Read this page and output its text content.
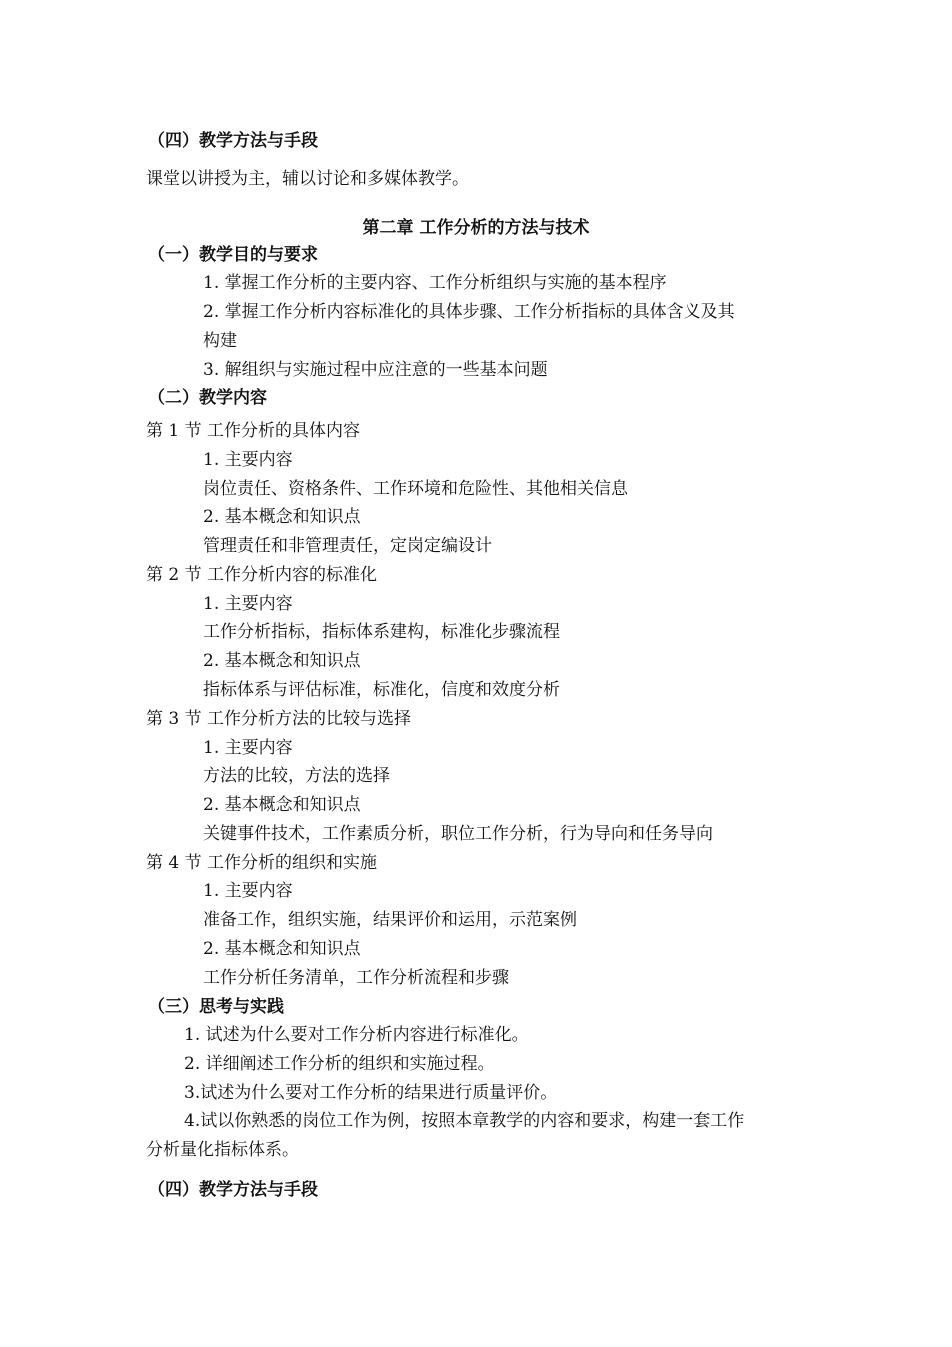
（四）教学方法与手段
课堂以讲授为主，辅以讨论和多媒体教学。
第二章 工作分析的方法与技术
（一）教学目的与要求
1. 掌握工作分析的主要内容、工作分析组织与实施的基本程序
2. 掌握工作分析内容标准化的具体步骤、工作分析指标的具体含义及其
构建
3. 解组织与实施过程中应注意的一些基本问题
（二）教学内容
第 1 节 工作分析的具体内容
1. 主要内容
岗位责任、资格条件、工作环境和危险性、其他相关信息
2. 基本概念和知识点
管理责任和非管理责任，定岗定编设计
第 2 节 工作分析内容的标准化
1. 主要内容
工作分析指标，指标体系建构，标准化步骤流程
2. 基本概念和知识点
指标体系与评估标准，标准化，信度和效度分析
第 3 节 工作分析方法的比较与选择
1. 主要内容
方法的比较，方法的选择
2. 基本概念和知识点
关键事件技术，工作素质分析，职位工作分析，行为导向和任务导向
第 4 节 工作分析的组织和实施
1. 主要内容
准备工作，组织实施，结果评价和运用，示范案例
2. 基本概念和知识点
工作分析任务清单，工作分析流程和步骤
（三）思考与实践
1. 试述为什么要对工作分析内容进行标准化。
2. 详细阐述工作分析的组织和实施过程。
3.试述为什么要对工作分析的结果进行质量评价。
4.试以你熟悉的岗位工作为例，按照本章教学的内容和要求，构建一套工作
分析量化指标体系。
（四）教学方法与手段
